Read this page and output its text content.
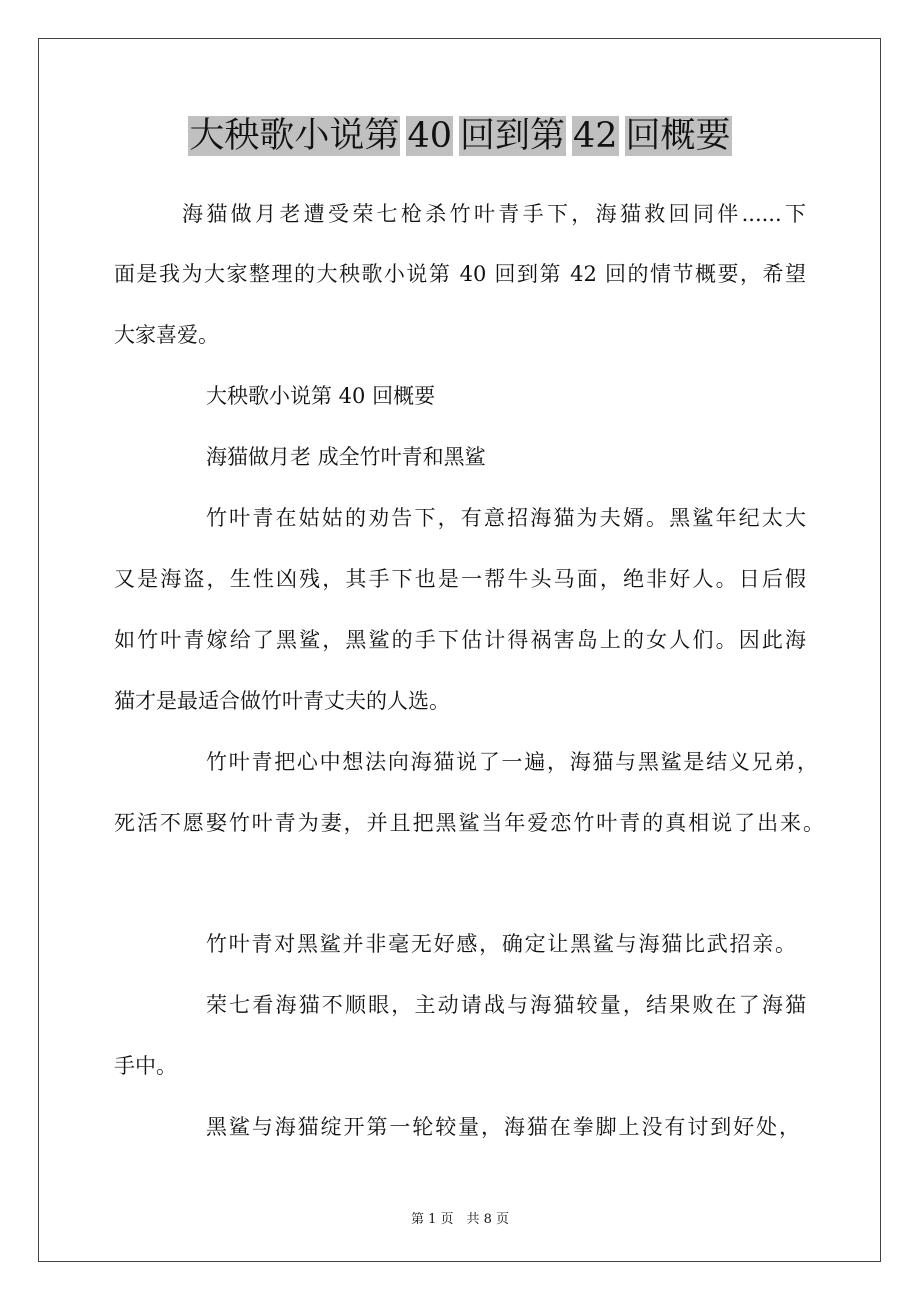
大秧歌小说第 40 回到第 42 回概要
海猫做月老遭受荣七枪杀竹叶青手下，海猫救回同伴......下
面是我为大家整理的大秧歌小说第 40 回到第 42 回的情节概要，希望
大家喜爱。
大秧歌小说第 40 回概要
海猫做月老 成全竹叶青和黑鲨
竹叶青在姑姑的劝告下，有意招海猫为夫婿。黑鲨年纪太大
又是海盗，生性凶残，其手下也是一帮牛头马面，绝非好人。日后假
如竹叶青嫁给了黑鲨，黑鲨的手下估计得祸害岛上的女人们。因此海
猫才是最适合做竹叶青丈夫的人选。
竹叶青把心中想法向海猫说了一遍，海猫与黑鲨是结义兄弟，
死活不愿娶竹叶青为妻，并且把黑鲨当年爱恋竹叶青的真相说了出来。
竹叶青对黑鲨并非毫无好感，确定让黑鲨与海猫比武招亲。
荣七看海猫不顺眼，主动请战与海猫较量，结果败在了海猫
手中。
黑鲨与海猫绽开第一轮较量，海猫在拳脚上没有讨到好处，
第 1 页　共 8 页
